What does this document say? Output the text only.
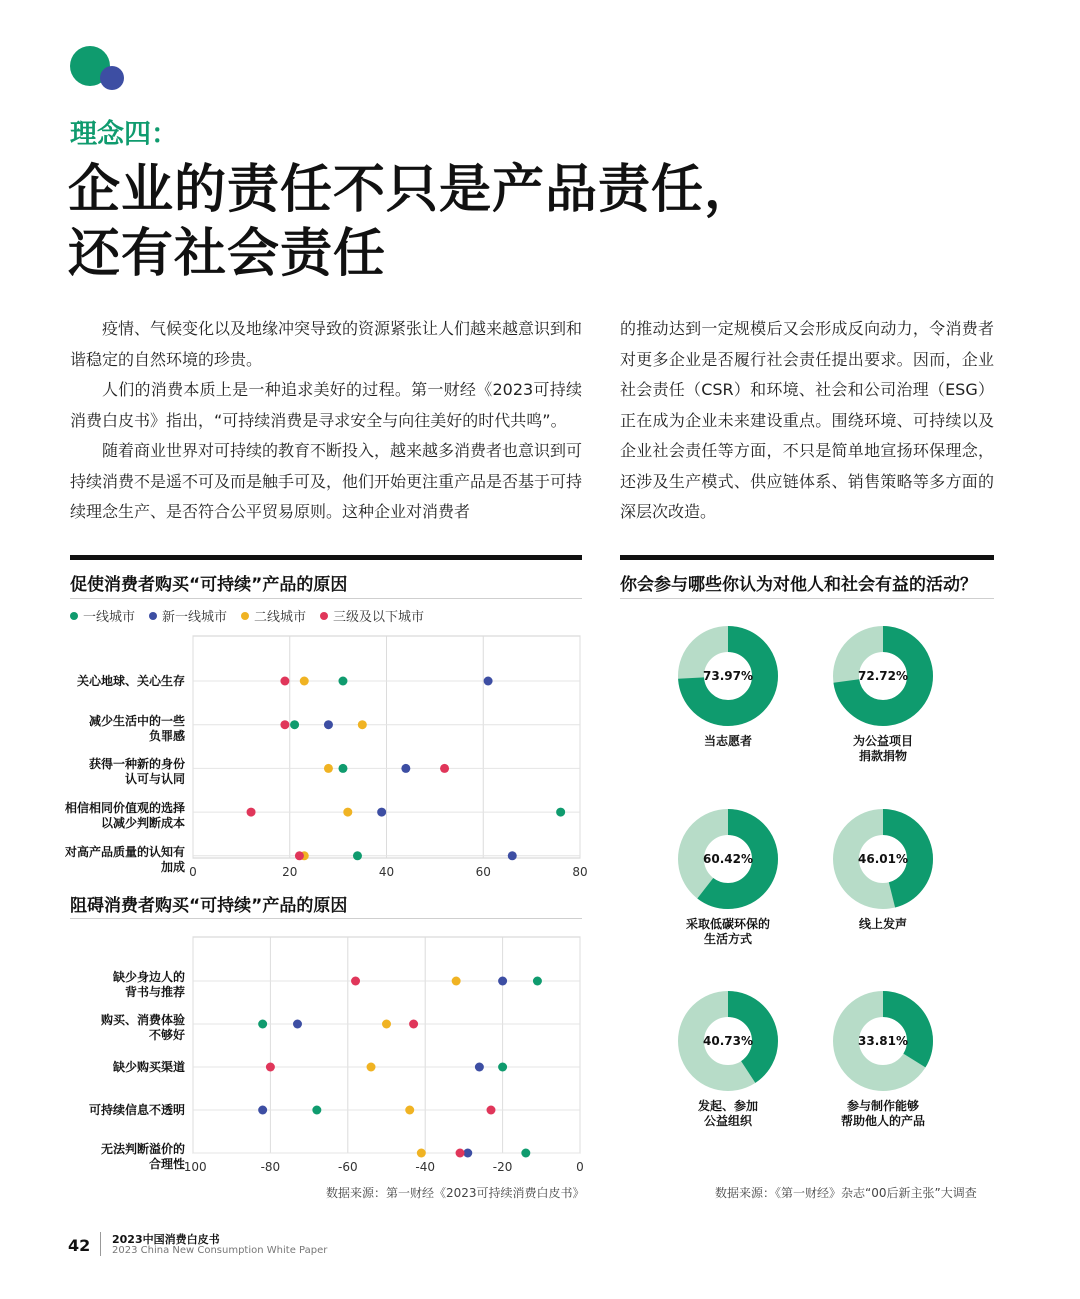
理念四：
企业的责任不只是产品责任，
还有社会责任

疫情、气候变化以及地缘冲突导致的资源紧张让人们越来越意识到和谐稳定的自然环境的珍贵。

人们的消费本质上是一种追求美好的过程。第一财经《2023可持续消费白皮书》指出，“可持续消费是寻求安全与向往美好的时代共鸣”。

随着商业世界对可持续的教育不断投入，越来越多消费者也意识到可持续消费不是遥不可及而是触手可及，他们开始更注重产品是否基于可持续理念生产、是否符合公平贸易原则。这种企业对消费者

的推动达到一定规模后又会形成反向动力，令消费者对更多企业是否履行社会责任提出要求。因而，企业社会责任（CSR）和环境、社会和公司治理（ESG）正在成为企业未来建设重点。围绕环境、可持续以及企业社会责任等方面，不只是简单地宣扬环保理念，还涉及生产模式、供应链体系、销售策略等多方面的深层次改造。

促使消费者购买“可持续”产品的原因
一线城市 新一线城市 二线城市 三级及以下城市
关心地球、关心生存
减少生活中的一些
负罪感
获得一种新的身份
认可与认同
相信相同价值观的选择
以减少判断成本
对高产品质量的认知有
加成 0	20	40	60	80
阻碍消费者购买“可持续”产品的原因
缺少身边人的
背书与推荐
购买、消费体验
不够好
缺少购买渠道
可持续信息不透明
无法判断溢价的
合理性
-100	-80	-60	-40	-20	0
数据来源：第一财经《2023可持续消费白皮书》
你会参与哪些你认为对他人和社会有益的活动？
73.97%
当志愿者
72.72%
为公益项目
捐款捐物
60.42%
采取低碳环保的
生活方式
46.01%
线上发声
40.73%
发起、参加
公益组织
33.81%
参与制作能够
帮助他人的产品
数据来源：《第一财经》杂志“00后新主张”大调查
42 2023中国消费白皮书
2023 China New Consumption White Paper
